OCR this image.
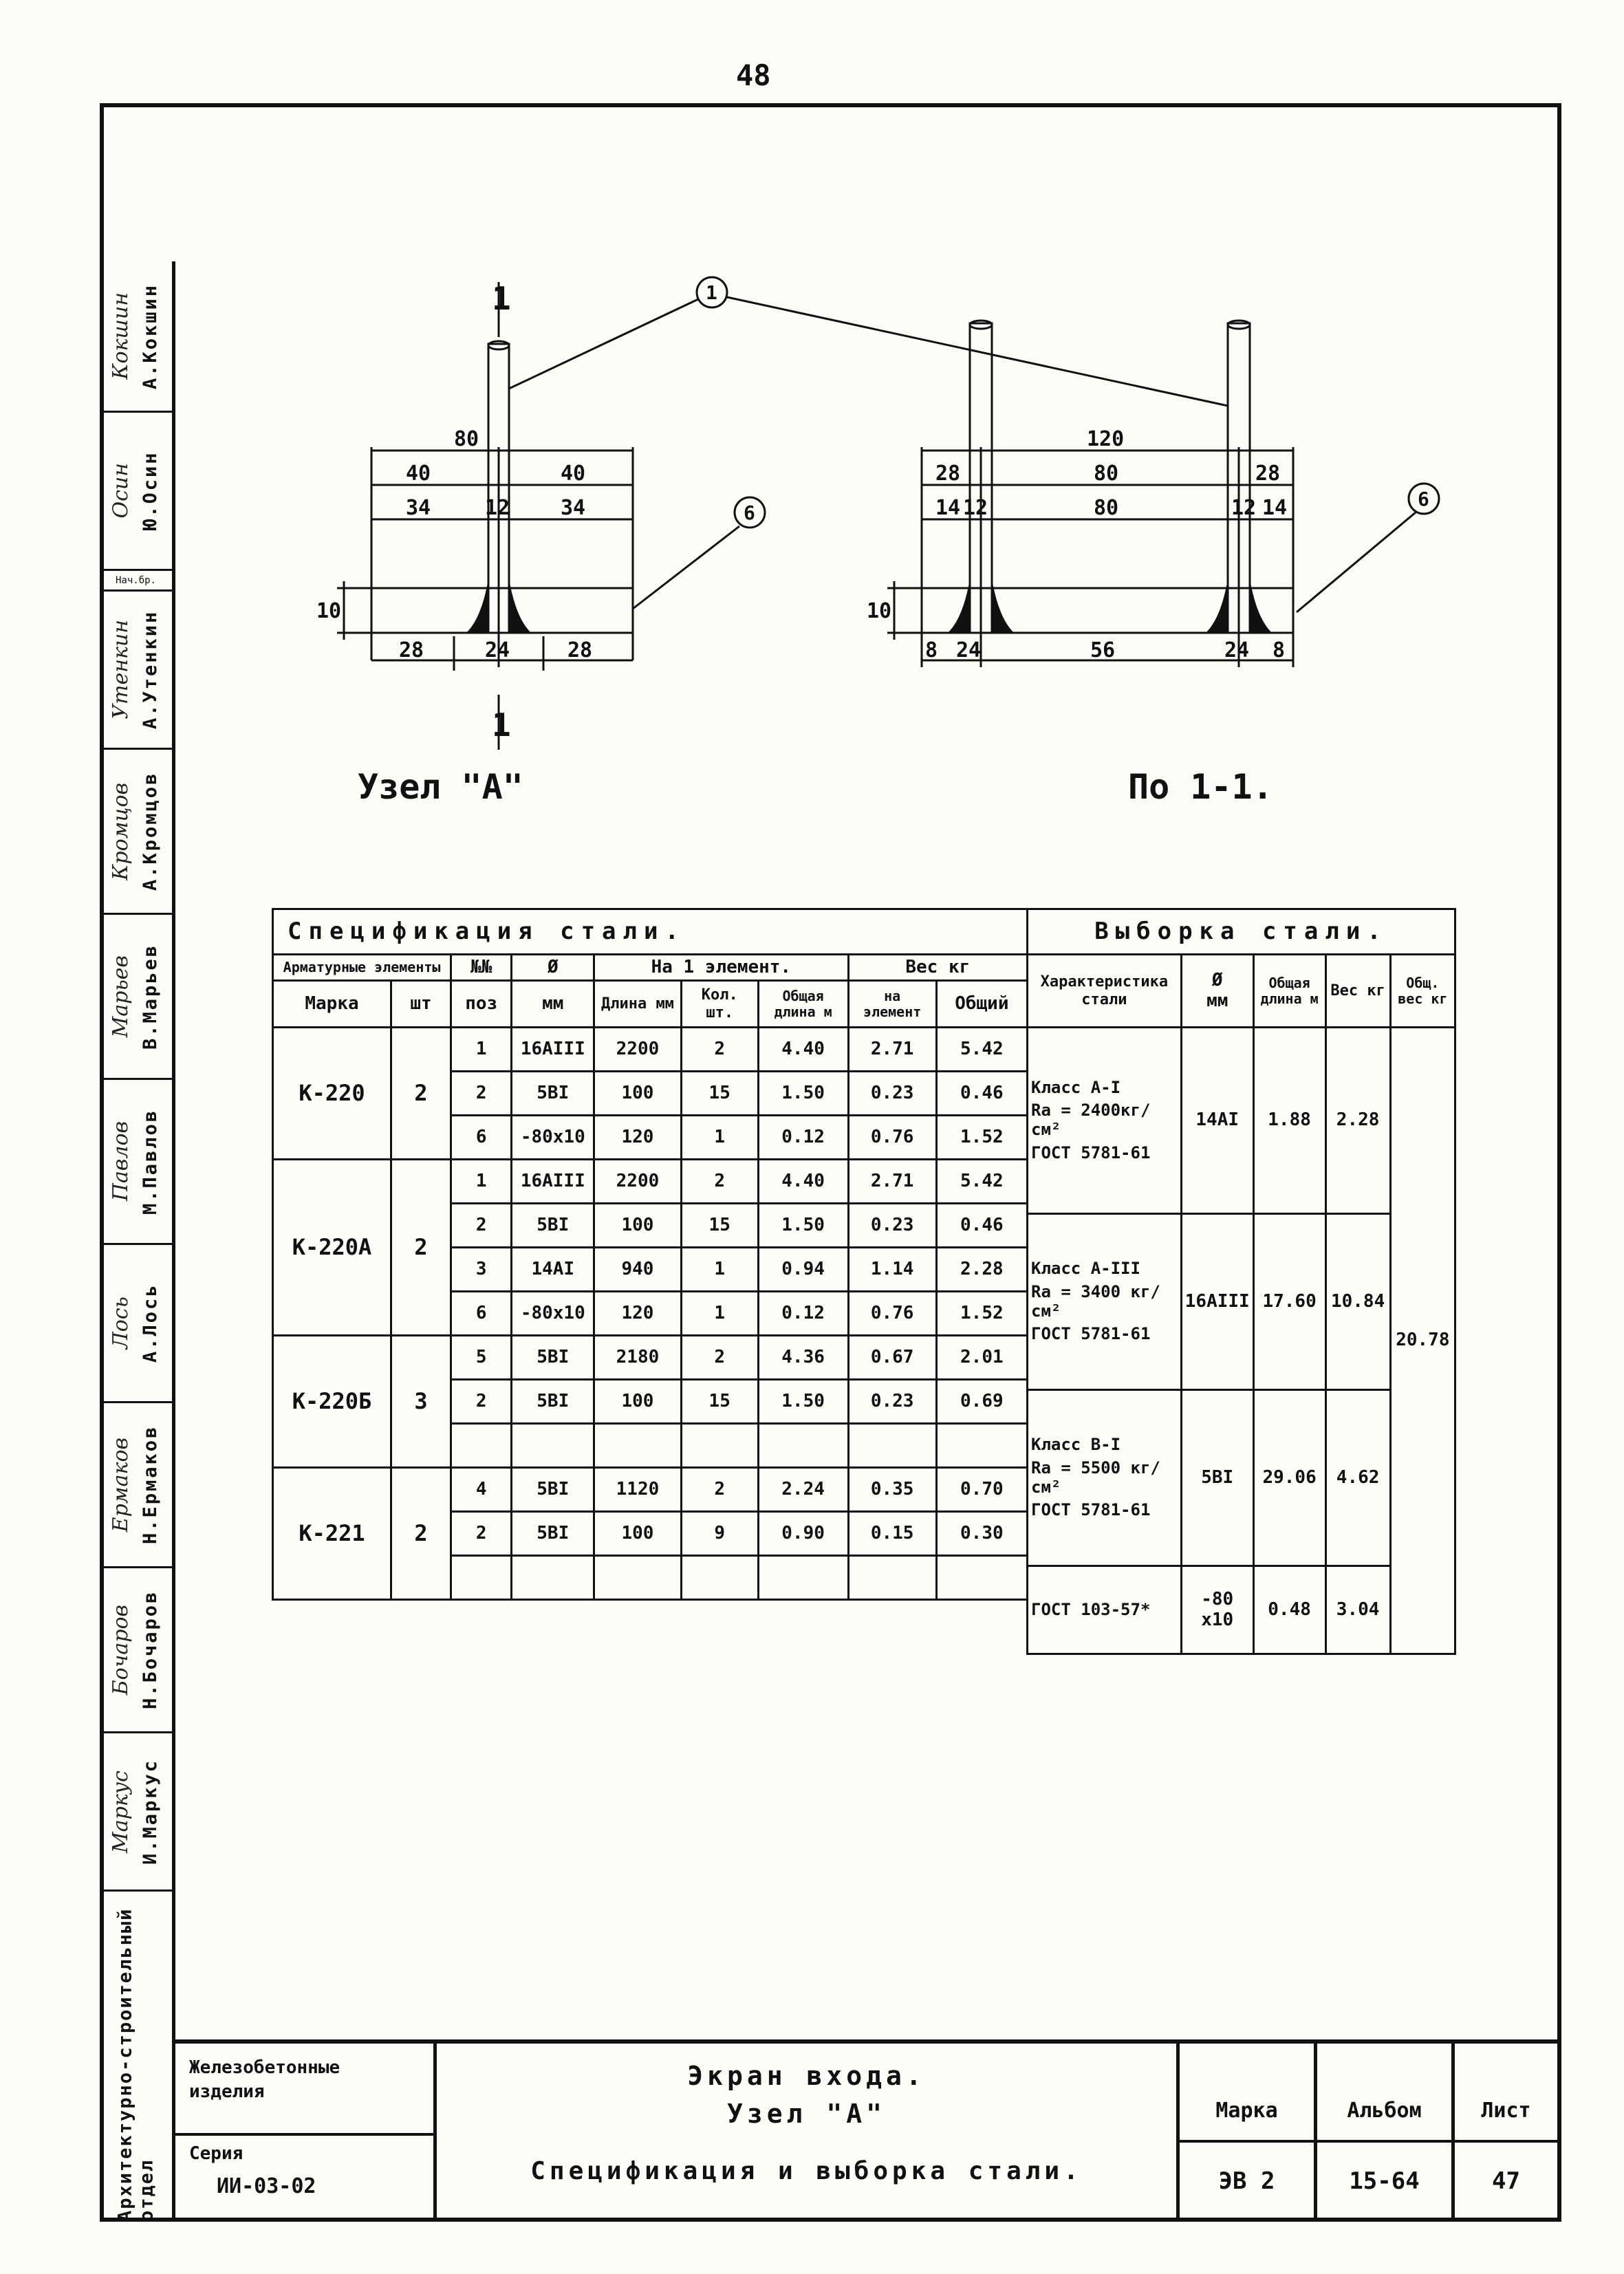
48
Кокшин А.Кокшин
Осин Ю.Осин
Нач.бр.
Утенкин А.Утенкин
Кромцов А.Кромцов
Марьев В.Марьев
Павлов М.Павлов
Лось А.Лось
Ермаков Н.Ермаков
Бочаров Н.Бочаров
Маркус И.Маркус
Архитектурно-строительный отдел
1
1
80
40	40
34	12 34
10
28	24	28
120
28	80	28
14 12	80	12 14
10
8 24	56	24 8
1
6
6
Узел "А"	По 1-1.
Спецификация стали.								
Арматурные элементы		№№	Ø	На 1 элемент.			Вес кг	
Марка	шт	поз	мм	Длина мм	Кол. шт.	Общая длина м	на элемент	Общий
К-220	2	1	16АIII	2200	2	4.40	2.71	5.42
		2	5ВI	100	15	1.50	0.23	0.46
		6	-80х10	120	1	0.12	0.76	1.52
К-220А	2	1	16АIII	2200	2	4.40	2.71	5.42
		2	5ВI	100	15	1.50	0.23	0.46
		3	14АI	940	1	0.94	1.14	2.28
		6	-80х10	120	1	0.12	0.76	1.52
К-220Б	3	5	5ВI	2180	2	4.36	0.67	2.01
		2	5ВI	100	15	1.50	0.23	0.69

К-221	2	4	5ВI	1120	2	2.24	0.35	0.70
		2	5ВI	100	9	0.90	0.15	0.30

Выборка стали.				
Характеристика стали	Ø
мм	Общая длина м	Вес кг	Общ. вес кг

Класс А-I
Rа = 2400кг/см²
ГОСТ 5781-61	14АI	1.88	2.28	20.78

Класс А-III
Rа = 3400 кг/см²
ГОСТ 5781-61	16АIII	17.60	10.84	

Класс В-I
Rа = 5500 кг/см²
ГОСТ 5781-61	5ВI	29.06	4.62	

ГОСТ 103-57*	-80 х10	0.48	3.04	
Железобетонные
изделия
Серия
ИИ-03-02
Экран входа.
Узел "А"
Спецификация и выборка стали.
Марка
ЭВ 2
Альбом
15-64
Лист
47
